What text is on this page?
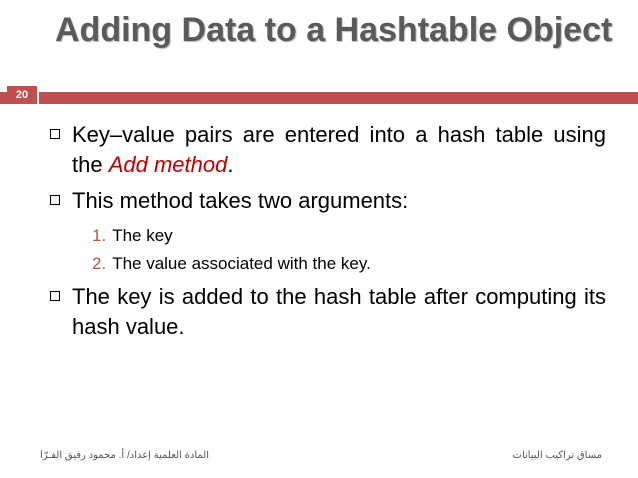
Adding Data to a Hashtable Object
20
Key–value pairs are entered into a hash table using the Add method.
This method takes two arguments:
1. The key
2. The value associated with the key.
The key is added to the hash table after computing its hash value.
المادة العلمية إعداد/ أ. محمود رفيق الفـرّا	مساق تراكيب البيانات
